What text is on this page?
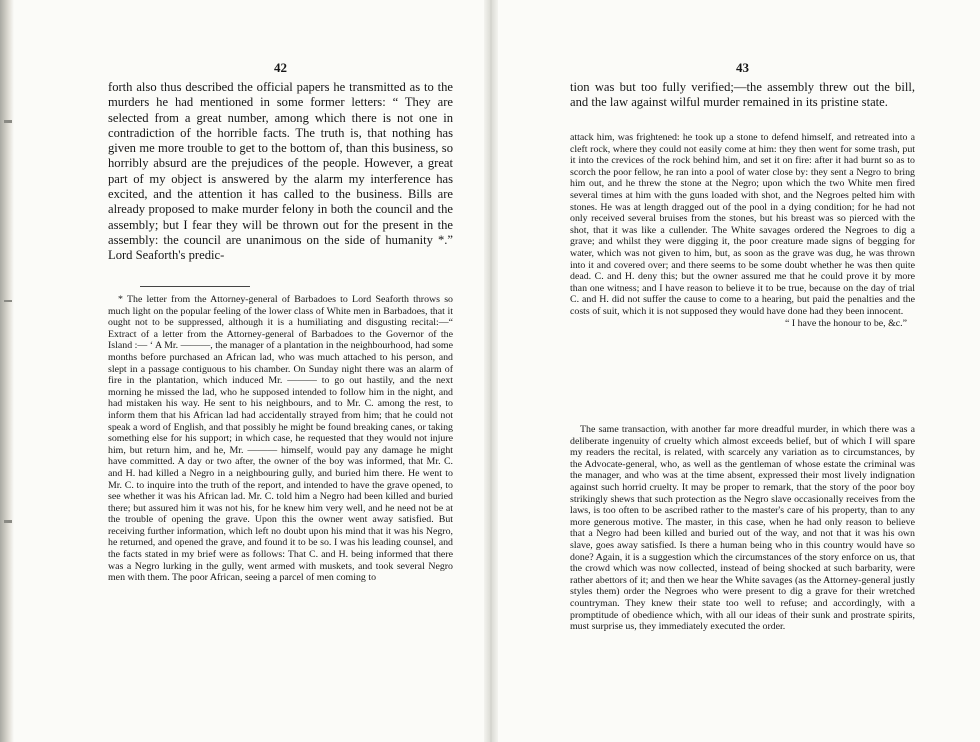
42

forth also thus described the official papers he transmitted as to the murders he had mentioned in some former letters: “ They are selected from a great number, among which there is not one in contradiction of the horrible facts. The truth is, that nothing has given me more trouble to get to the bottom of, than this business, so horribly absurd are the prejudices of the people. However, a great part of my object is answered by the alarm my interference has excited, and the attention it has called to the business. Bills are already proposed to make murder felony in both the council and the assembly; but I fear they will be thrown out for the present in the assembly: the council are unanimous on the side of humanity *.” Lord Seaforth's predic-

* The letter from the Attorney-general of Barbadoes to Lord Seaforth throws so much light on the popular feeling of the lower class of White men in Barbadoes, that it ought not to be suppressed, although it is a humiliating and disgusting recital:—“ Extract of a letter from the Attorney-general of Barbadoes to the Governor of the Island :— ‘ A Mr. ———, the manager of a plantation in the neighbourhood, had some months before purchased an African lad, who was much attached to his person, and slept in a passage contiguous to his chamber. On Sunday night there was an alarm of fire in the plantation, which induced Mr. ——— to go out hastily, and the next morning he missed the lad, who he supposed intended to follow him in the night, and had mistaken his way. He sent to his neighbours, and to Mr. C. among the rest, to inform them that his African lad had accidentally strayed from him; that he could not speak a word of English, and that possibly he might be found breaking canes, or taking something else for his support; in which case, he requested that they would not injure him, but return him, and he, Mr. ——— himself, would pay any damage he might have committed. A day or two after, the owner of the boy was informed, that Mr. C. and H. had killed a Negro in a neighbouring gully, and buried him there. He went to Mr. C. to inquire into the truth of the report, and intended to have the grave opened, to see whether it was his African lad. Mr. C. told him a Negro had been killed and buried there; but assured him it was not his, for he knew him very well, and he need not be at the trouble of opening the grave. Upon this the owner went away satisfied. But receiving further information, which left no doubt upon his mind that it was his Negro, he returned, and opened the grave, and found it to be so. I was his leading counsel, and the facts stated in my brief were as follows: That C. and H. being informed that there was a Negro lurking in the gully, went armed with muskets, and took several Negro men with them. The poor African, seeing a parcel of men coming to

43

tion was but too fully verified;—the assembly threw out the bill, and the law against wilful murder remained in its pristine state.

attack him, was frightened: he took up a stone to defend himself, and retreated into a cleft rock, where they could not easily come at him: they then went for some trash, put it into the crevices of the rock behind him, and set it on fire: after it had burnt so as to scorch the poor fellow, he ran into a pool of water close by: they sent a Negro to bring him out, and he threw the stone at the Negro; upon which the two White men fired several times at him with the guns loaded with shot, and the Negroes pelted him with stones. He was at length dragged out of the pool in a dying condition; for he had not only received several bruises from the stones, but his breast was so pierced with the shot, that it was like a cullender. The White savages ordered the Negroes to dig a grave; and whilst they were digging it, the poor creature made signs of begging for water, which was not given to him, but, as soon as the grave was dug, he was thrown into it and covered over; and there seems to be some doubt whether he was then quite dead. C. and H. deny this; but the owner assured me that he could prove it by more than one witness; and I have reason to believe it to be true, because on the day of trial C. and H. did not suffer the cause to come to a hearing, but paid the penalties and the costs of suit, which it is not supposed they would have done had they been innocent.

“ I have the honour to be, &c.”

The same transaction, with another far more dreadful murder, in which there was a deliberate ingenuity of cruelty which almost exceeds belief, but of which I will spare my readers the recital, is related, with scarcely any variation as to circumstances, by the Advocate-general, who, as well as the gentleman of whose estate the criminal was the manager, and who was at the time absent, expressed their most lively indignation against such horrid cruelty. It may be proper to remark, that the story of the poor boy strikingly shews that such protection as the Negro slave occasionally receives from the laws, is too often to be ascribed rather to the master's care of his property, than to any more generous motive. The master, in this case, when he had only reason to believe that a Negro had been killed and buried out of the way, and not that it was his own slave, goes away satisfied. Is there a human being who in this country would have so done? Again, it is a suggestion which the circumstances of the story enforce on us, that the crowd which was now collected, instead of being shocked at such barbarity, were rather abettors of it; and then we hear the White savages (as the Attorney-general justly styles them) order the Negroes who were present to dig a grave for their wretched countryman. They knew their state too well to refuse; and accordingly, with a promptitude of obedience which, with all our ideas of their sunk and prostrate spirits, must surprise us, they immediately executed the order.
